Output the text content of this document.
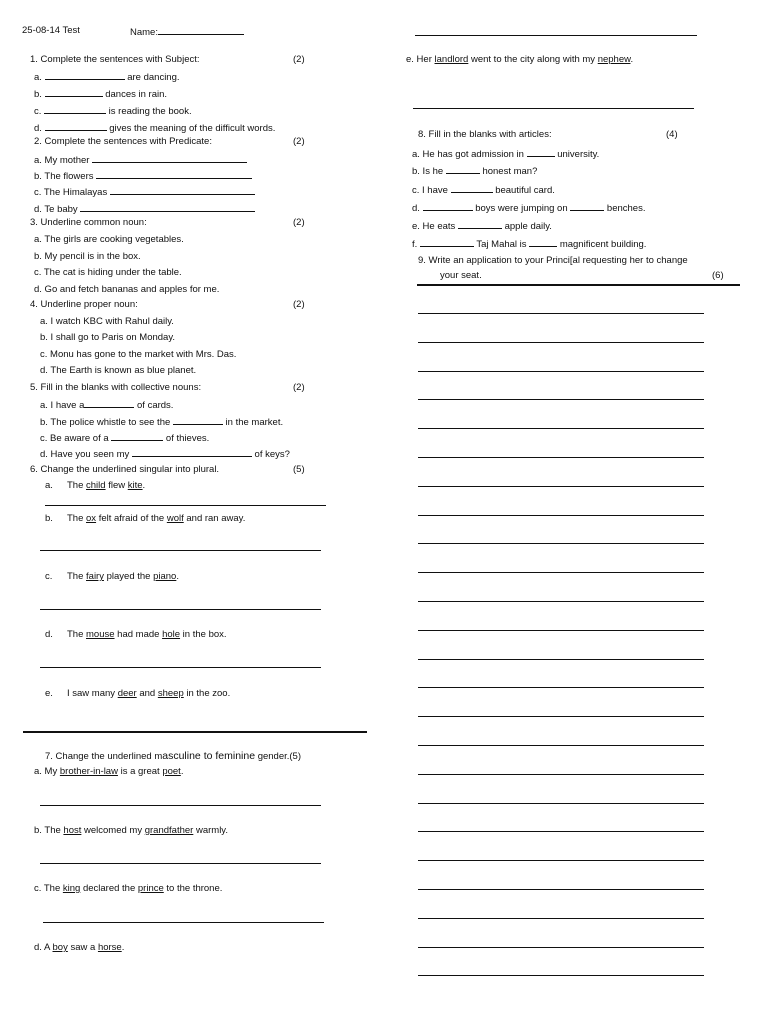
25-08-14 Test	Name:
1. Complete the sentences with Subject:	(2)
a.	are dancing.
b.	dances in rain.
c.	is reading the book.
d.	gives the meaning of the difficult words.
2. Complete the sentences with Predicate:	(2)
a. My mother
b. The flowers
c. The Himalayas
d. Te baby
3. Underline common noun:	(2)
a. The girls are cooking vegetables.
b. My pencil is in the box.
c. The cat is hiding under the table.
d. Go and fetch bananas and apples for me.
4. Underline proper noun:	(2)
a. I watch KBC with Rahul daily.
b. I shall go to Paris on Monday.
c. Monu has gone to the market with Mrs. Das.
d. The Earth is known as blue planet.
5. Fill in the blanks with collective nouns:	(2)
a. I have a	of cards.
b. The police whistle to see the	in the market.
c. Be aware of a	of thieves.
d. Have you seen my	of keys?
6. Change the underlined singular into plural.	(5)
a. The child flew kite.
b. The ox felt afraid of the wolf and ran away.
c. The fairy played the piano.
d. The mouse had made hole in the box.
e. I saw many deer and sheep in the zoo.
7. Change the underlined masculine to feminine gender.(5)
a. My brother-in-law is a great poet.
b. The host welcomed my grandfather warmly.
c. The king declared the prince to the throne.
d. A boy saw a horse.
e. Her landlord went to the city along with my nephew.
8. Fill in the blanks with articles:	(4)
a. He has got admission in	university.
b. Is he	honest man?
c. I have	beautiful card.
d.	boys were jumping on	benches.
e. He eats	apple daily.
f.	Taj Mahal is	magnificent building.
9. Write an application to your Princi[al requesting her to change
your seat.	(6)
